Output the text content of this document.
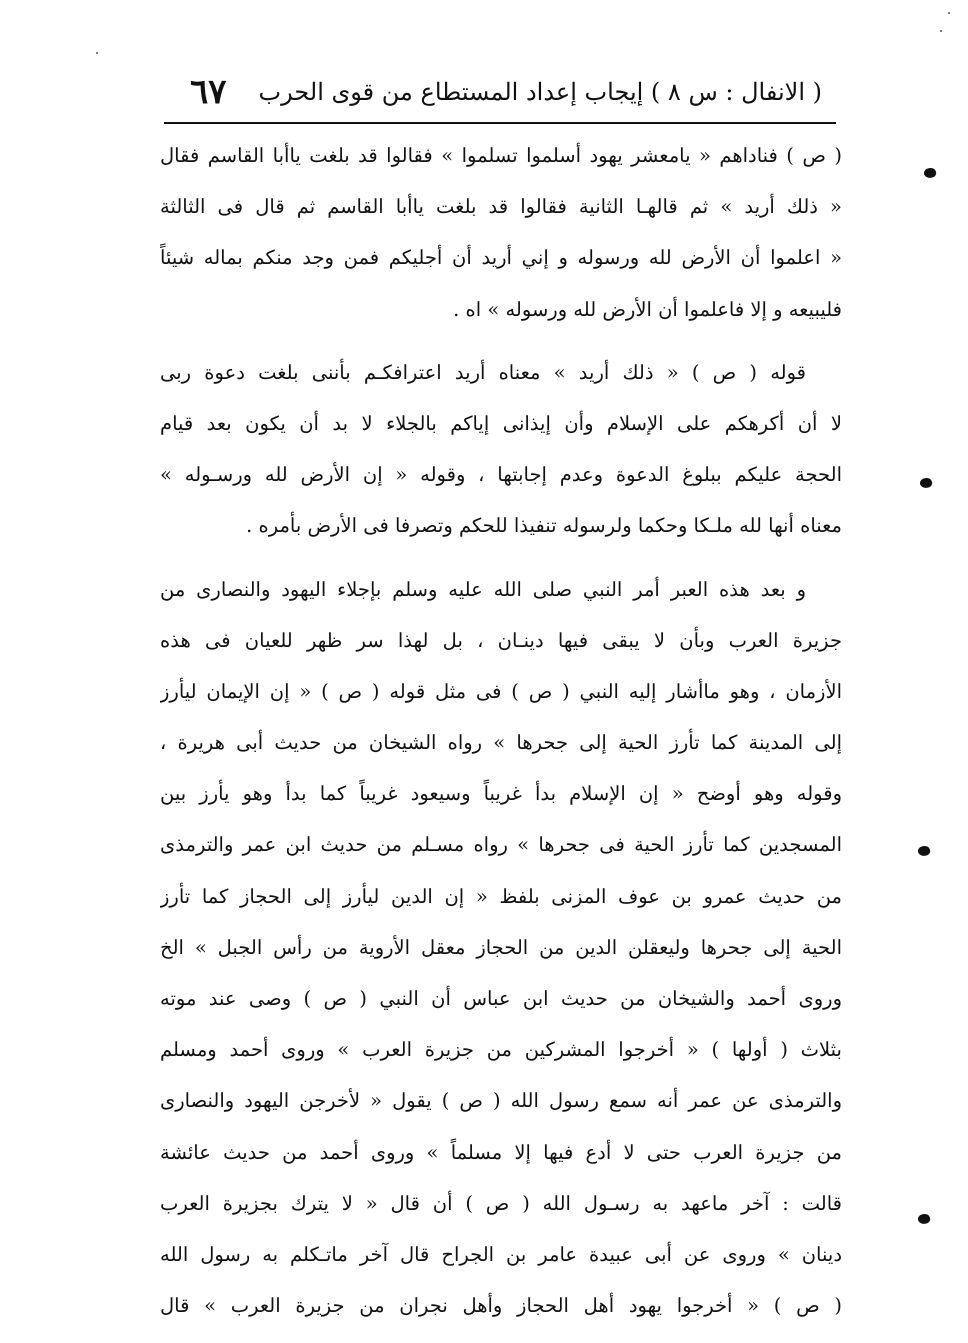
( الانفال : س ٨ ) إيجاب إعداد المستطاع من قوى الحرب
٦٧
( ص ) فناداهم « يامعشر يهود أسلموا تسلموا » فقالوا قد بلغت ياأبا القاسم فقال
« ذلك أريد » ثم قالهـا الثانية فقالوا قد بلغت ياأبا القاسم ثم قال فى الثالثة
« اعلموا أن الأرض لله ورسوله و إني أريد أن أجليكم فمن وجد منكم بماله شيئاً
فليبيعه و إلا فاعلموا أن الأرض لله ورسوله » اه .
قوله ( ص ) « ذلك أريد » معناه أريد اعترافكـم بأننى بلغت دعوة ربى
لا أن أكرهكم على الإسلام وأن إيذانى إياكم بالجلاء لا بد أن يكون بعد قيام
الحجة عليكم ببلوغ الدعوة وعدم إجابتها ، وقوله « إن الأرض لله ورسـوله »
معناه أنها لله ملـكا وحكما ولرسوله تنفيذا للحكم وتصرفا فى الأرض بأمره .
و بعد هذه العبر أمر النبي صلى الله عليه وسلم بإجلاء اليهود والنصارى من
جزيرة العرب وبأن لا يبقى فيها دينـان ، بل لهذا سر ظهر للعيان فى هذه
الأزمان ، وهو ماأشار إليه النبي ( ص ) فى مثل قوله ( ص ) « إن الإيمان ليأرز
إلى المدينة كما تأرز الحية إلى جحرها » رواه الشيخان من حديث أبى هريرة ،
وقوله وهو أوضح « إن الإسلام بدأ غريباً وسيعود غريباً كما بدأ وهو يأرز بين
المسجدين كما تأرز الحية فى جحرها » رواه مسـلم من حديث ابن عمر والترمذى
من حديث عمرو بن عوف المزنى بلفظ « إن الدين ليأرز إلى الحجاز كما تأرز
الحية إلى جحرها وليعقلن الدين من الحجاز معقل الأروية من رأس الجبل » الخ
وروى أحمد والشيخان من حديث ابن عباس أن النبي ( ص ) وصى عند موته
بثلاث ( أولها ) « أخرجوا المشركين من جزيرة العرب » وروى أحمد ومسلم
والترمذى عن عمر أنه سمع رسول الله ( ص ) يقول « لأخرجن اليهود والنصارى
من جزيرة العرب حتى لا أدع فيها إلا مسلماً » وروى أحمد من حديث عائشة
قالت : آخر ماعهد به رسـول الله ( ص ) أن قال « لا يترك بجزيرة العرب
دينان » وروى عن أبى عبيدة عامر بن الجراح قال آخر ماتـكلم به رسول الله
( ص ) « أخرجوا يهود أهل الحجاز وأهل نجران من جزيرة العرب » قال
